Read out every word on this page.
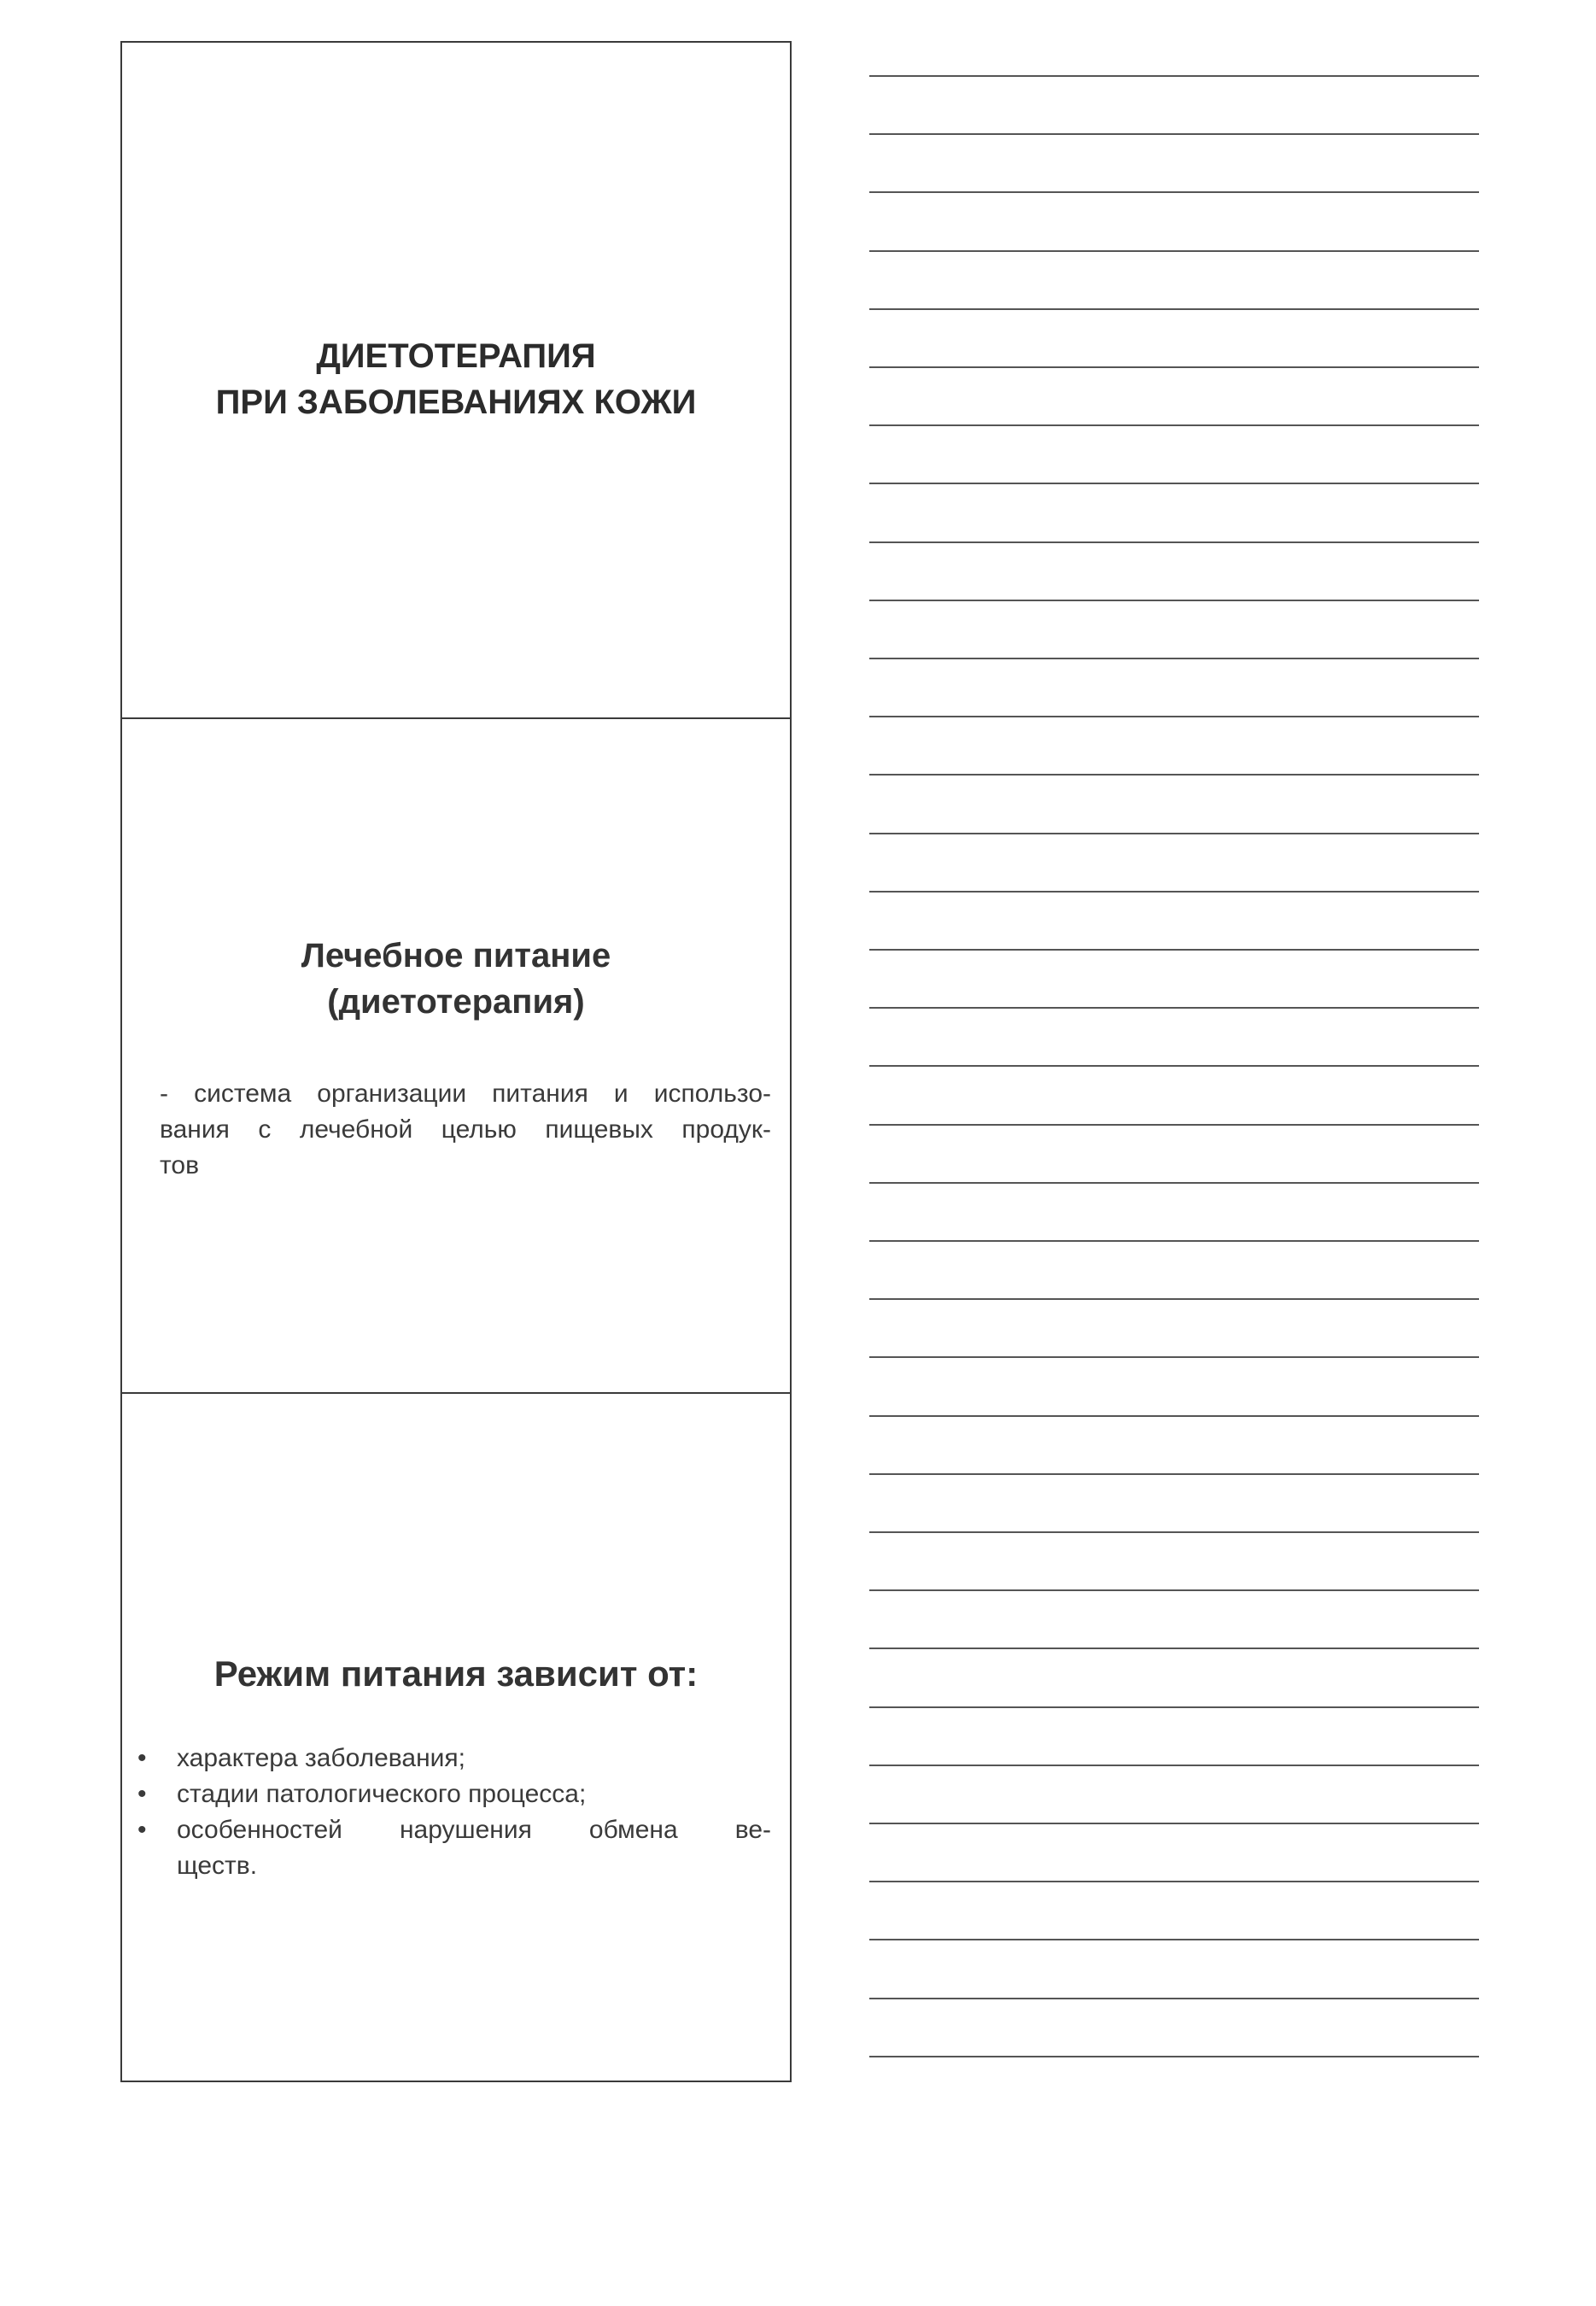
ДИЕТОТЕРАПИЯ
ПРИ ЗАБОЛЕВАНИЯХ КОЖИ
Лечебное питание
(диетотерапия)

- система организации питания и использо-
вания с лечебной целью пищевых продук-
тов

Режим питания зависит от:
• характера заболевания;
• стадии патологического процесса;
• особенностей нарушения обмена ве-
ществ.
